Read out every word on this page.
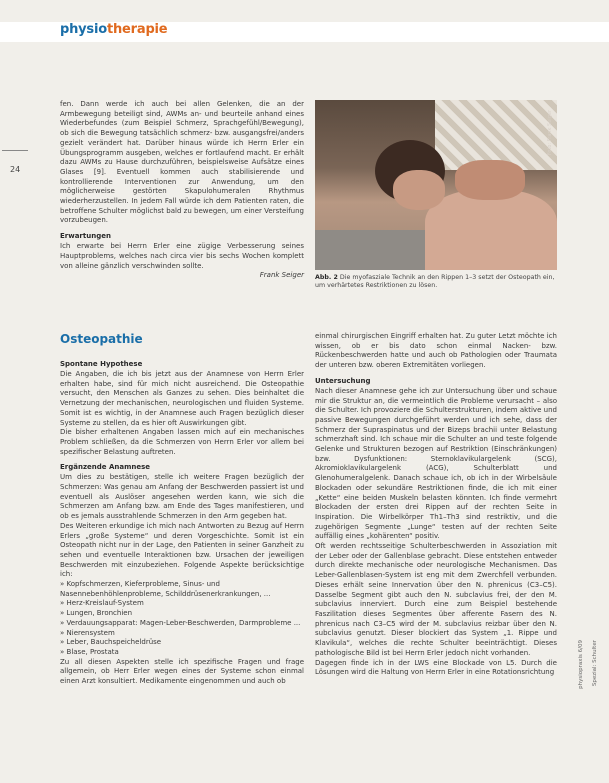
physiotherapie
24

fen. Dann werde ich auch bei allen Gelenken, die an der Armbewegung beteiligt sind, AWMs an- und beurteile anhand eines Wiederbefundes (zum Beispiel Schmerz, Sprachgefühl/Bewegung), ob sich die Bewegung tatsächlich schmerz- bzw. ausgangsfrei/anders gezielt verändert hat. Darüber hinaus würde ich Herrn Erler ein Übungsprogramm ausgeben, welches er fortlaufend macht. Er erhält dazu AWMs zu Hause durchzuführen, beispielsweise Aufsätze eines Glases [9]. Eventuell kommen auch stabilisierende und kontrollierende Interventionen zur Anwendung, um den möglicherweise gestörten Skapulohumeralen Rhythmus wiederherzustellen. In jedem Fall würde ich dem Patienten raten, die betroffene Schulter möglichst bald zu bewegen, um einer Versteifung vorzubeugen.

Erwartungen

Ich erwarte bei Herrn Erler eine zügige Verbesserung seines Hauptproblems, welches nach circa vier bis sechs Wochen komplett von alleine gänzlich verschwinden sollte.

Frank Seiger

Foto: Frank Seiger
Abb. 2 Die myofasziale Technik an den Rippen 1–3 setzt der Osteopath ein, um verhärtetes Restriktionen zu lösen.

Osteopathie

Spontane Hypothese

Die Angaben, die ich bis jetzt aus der Anamnese von Herrn Erler erhalten habe, sind für mich nicht ausreichend. Die Osteopathie versucht, den Menschen als Ganzes zu sehen. Dies beinhaltet die Vernetzung der mechanischen, neurologischen und fluiden Systeme. Somit ist es wichtig, in der Anamnese auch Fragen bezüglich dieser Systeme zu stellen, da es hier oft Auswirkungen gibt.

Die bisher erhaltenen Angaben lassen mich auf ein mechanisches Problem schließen, da die Schmerzen von Herrn Erler vor allem bei spezifischer Belastung auftreten.

Ergänzende Anamnese

Um dies zu bestätigen, stelle ich weitere Fragen bezüglich der Schmerzen: Was genau am Anfang der Beschwerden passiert ist und eventuell als Auslöser angesehen werden kann, wie sich die Schmerzen am Anfang bzw. am Ende des Tages manifestieren, und ob es jemals ausstrahlende Schmerzen in den Arm gegeben hat.

Des Weiteren erkundige ich mich nach Antworten zu Bezug auf Herrn Erlers „große Systeme“ und deren Vorgeschichte. Somit ist ein Osteopath nicht nur in der Lage, den Patienten in seiner Ganzheit zu sehen und eventuelle Interaktionen bzw. Ursachen der jeweiligen Beschwerden mit einzubeziehen. Folgende Aspekte berücksichtige ich:

» Kopfschmerzen, Kieferprobleme, Sinus- und Nasennebenhöhlenprobleme, Schilddrüsenerkrankungen, ...
» Herz-Kreislauf-System
» Lungen, Bronchien
» Verdauungsapparat: Magen-Leber-Beschwerden, Darmprobleme ...
» Nierensystem
» Leber, Bauchspeicheldrüse
» Blase, Prostata

Zu all diesen Aspekten stelle ich spezifische Fragen und frage allgemein, ob Herr Erler wegen eines der Systeme schon einmal einen Arzt konsultiert. Medikamente eingenommen und auch ob

einmal chirurgischen Eingriff erhalten hat. Zu guter Letzt möchte ich wissen, ob er bis dato schon einmal Nacken- bzw. Rückenbeschwerden hatte und auch ob Pathologien oder Traumata der unteren bzw. oberen Extremitäten vorliegen.

Untersuchung

Nach dieser Anamnese gehe ich zur Untersuchung über und schaue mir die Struktur an, die vermeintlich die Probleme verursacht – also die Schulter. Ich provoziere die Schulterstrukturen, indem aktive und passive Bewegungen durchgeführt werden und ich sehe, dass der Schmerz der Supraspinatus und der Bizeps brachii unter Belastung schmerzhaft sind. Ich schaue mir die Schulter an und teste folgende Gelenke und Strukturen bezogen auf Restriktion (Einschränkungen) bzw. Dysfunktionen: Sternoklavikulargelenk (SCG), Akromioklavikulargelenk (ACG), Schulterblatt und Glenohumeralgelenk. Danach schaue ich, ob ich in der Wirbelsäule Blockaden oder sekundäre Restriktionen finde, die ich mit einer „Kette“ eine beiden Muskeln belasten könnten. Ich finde vermehrt Blockaden der ersten drei Rippen auf der rechten Seite in Inspiration. Die Wirbelkörper Th1–Th3 sind restriktiv, und die zugehörigen Segmente „Lunge“ testen auf der rechten Seite auffällig eines „kohärenten“ positiv.

Oft werden rechtsseitige Schulterbeschwerden in Assoziation mit der Leber oder der Gallenblase gebracht. Diese entstehen entweder durch direkte mechanische oder neurologische Mechanismen. Das Leber-Gallenblasen-System ist eng mit dem Zwerchfell verbunden. Dieses erhält seine Innervation über den N. phrenicus (C3–C5). Dasselbe Segment gibt auch den N. subclavius frei, der den M. subclavius innerviert. Durch eine zum Beispiel bestehende Faszilitation dieses Segmentes über afferente Fasern des N. phrenicus nach C3–C5 wird der M. subclavius reizbar über den N. subclavius genutzt. Dieser blockiert das System „1. Rippe und Klavikula“, welches die rechte Schulter beeinträchtigt. Dieses pathologische Bild ist bei Herrn Erler jedoch nicht vorhanden.

Dagegen finde ich in der LWS eine Blockade von L5. Durch die Lösungen wird die Haltung von Herrn Erler in eine Rotationsrichtung	physiopraxis 6/09 Spezial: Schulter
